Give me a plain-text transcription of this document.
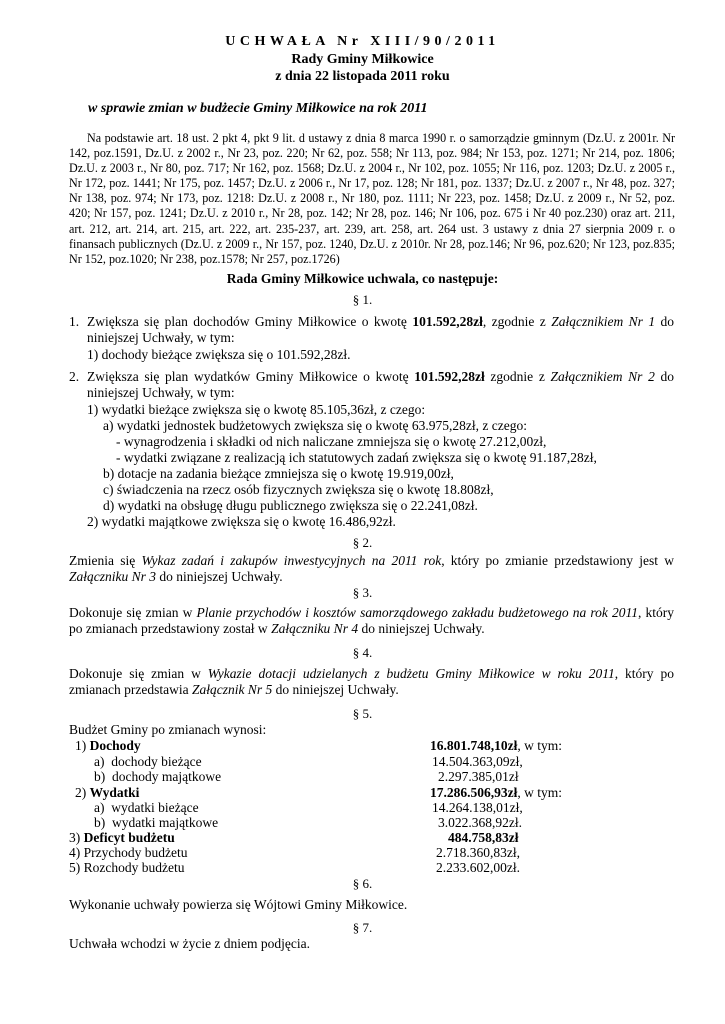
UCHWAŁA Nr XIII/90/2011
Rady Gminy Miłkowice
z dnia 22 listopada 2011 roku
w sprawie zmian w budżecie Gminy Miłkowice na rok 2011
Na podstawie art. 18 ust. 2 pkt 4, pkt 9 lit. d ustawy z dnia 8 marca 1990 r. o samorządzie gminnym (Dz.U. z 2001r. Nr 142, poz.1591, Dz.U. z 2002 r., Nr 23, poz. 220; Nr 62, poz. 558; Nr 113, poz. 984; Nr 153, poz. 1271; Nr 214, poz. 1806; Dz.U. z 2003 r., Nr 80, poz. 717; Nr 162, poz. 1568; Dz.U. z 2004 r., Nr 102, poz. 1055; Nr 116, poz. 1203; Dz.U. z 2005 r., Nr 172, poz. 1441; Nr 175, poz. 1457; Dz.U. z 2006 r., Nr 17, poz. 128; Nr 181, poz. 1337; Dz.U. z 2007 r., Nr 48, poz. 327; Nr 138, poz. 974; Nr 173, poz. 1218: Dz.U. z 2008 r., Nr 180, poz. 1111; Nr 223, poz. 1458; Dz.U. z 2009 r., Nr 52, poz. 420; Nr 157, poz. 1241; Dz.U. z 2010 r., Nr 28, poz. 142; Nr 28, poz. 146; Nr 106, poz. 675 i Nr 40 poz.230) oraz art. 211, art. 212, art. 214, art. 215, art. 222, art. 235-237, art. 239, art. 258, art. 264 ust. 3 ustawy z dnia 27 sierpnia 2009 r. o finansach publicznych (Dz.U. z 2009 r., Nr 157, poz. 1240, Dz.U. z 2010r. Nr 28, poz.146; Nr 96, poz.620; Nr 123, poz.835; Nr 152, poz.1020; Nr 238, poz.1578; Nr 257, poz.1726)
Rada Gminy Miłkowice uchwala, co następuje:
§ 1.
1. Zwiększa się plan dochodów Gminy Miłkowice o kwotę 101.592,28zł, zgodnie z Załącznikiem Nr 1 do niniejszej Uchwały, w tym:
1) dochody bieżące zwiększa się o 101.592,28zł.
2. Zwiększa się plan wydatków Gminy Miłkowice o kwotę 101.592,28zł zgodnie z Załącznikiem Nr 2 do niniejszej Uchwały, w tym:
1) wydatki bieżące zwiększa się o kwotę 85.105,36zł, z czego:
a) wydatki jednostek budżetowych zwiększa się o kwotę 63.975,28zł, z czego:
- wynagrodzenia i składki od nich naliczane zmniejsza się o kwotę 27.212,00zł,
- wydatki związane z realizacją ich statutowych zadań zwiększa się o kwotę 91.187,28zł,
b) dotacje na zadania bieżące zmniejsza się o kwotę 19.919,00zł,
c) świadczenia na rzecz osób fizycznych zwiększa się o kwotę 18.808zł,
d) wydatki na obsługę długu publicznego zwiększa się o 22.241,08zł.
2) wydatki majątkowe zwiększa się o kwotę 16.486,92zł.
§ 2.
Zmienia się Wykaz zadań i zakupów inwestycyjnych na 2011 rok, który po zmianie przedstawiony jest w Załączniku Nr 3 do niniejszej Uchwały.
§ 3.
Dokonuje się zmian w Planie przychodów i kosztów samorządowego zakładu budżetowego na rok 2011, który po zmianach przedstawiony został w Załączniku Nr 4 do niniejszej Uchwały.
§ 4.
Dokonuje się zmian w Wykazie dotacji udzielanych z budżetu Gminy Miłkowice w roku 2011, który po zmianach przedstawia Załącznik Nr 5 do niniejszej Uchwały.
§ 5.
Budżet Gminy po zmianach wynosi:
1) Dochody	16.801.748,10zł, w tym:
a) dochody bieżące	14.504.363,09zł,
b) dochody majątkowe	2.297.385,01zł
2) Wydatki	17.286.506,93zł, w tym:
a) wydatki bieżące	14.264.138,01zł,
b) wydatki majątkowe	3.022.368,92zł.
3) Deficyt budżetu	484.758,83zł
4) Przychody budżetu	2.718.360,83zł,
5) Rozchody budżetu	2.233.602,00zł.
§ 6.
Wykonanie uchwały powierza się Wójtowi Gminy Miłkowice.
§ 7.
Uchwała wchodzi w życie z dniem podjęcia.
